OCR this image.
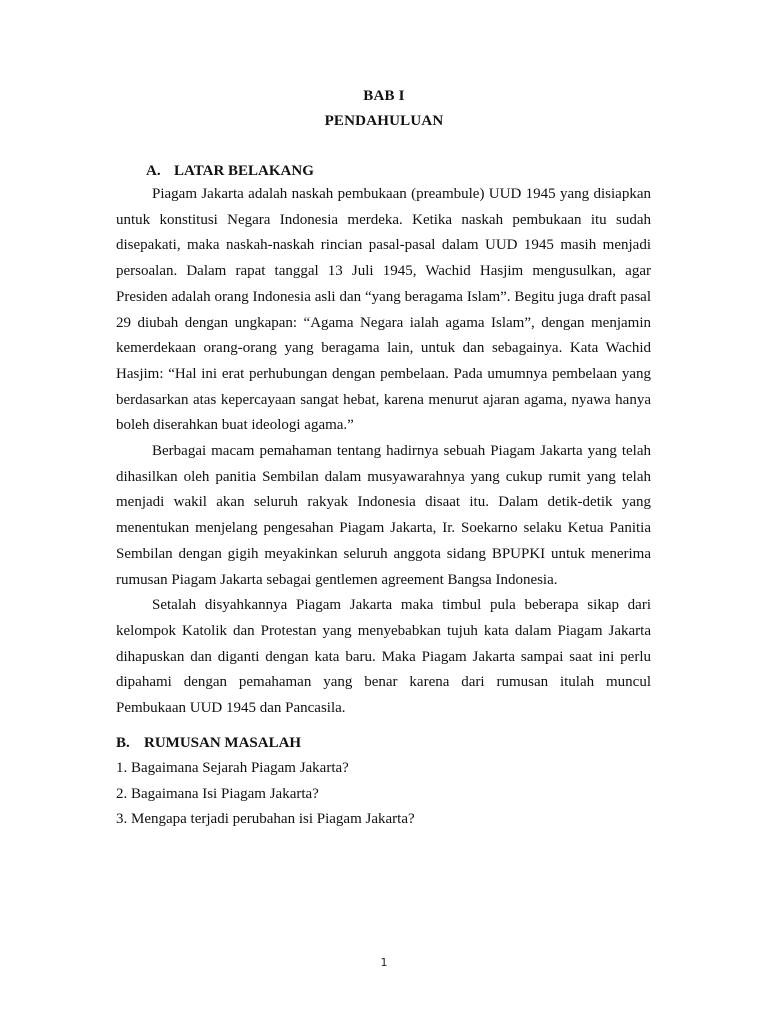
BAB I
PENDAHULUAN
A. LATAR BELAKANG

Piagam Jakarta adalah naskah pembukaan (preambule) UUD 1945 yang disiapkan untuk konstitusi Negara Indonesia merdeka. Ketika naskah pembukaan itu sudah disepakati, maka naskah-naskah rincian pasal-pasal dalam UUD 1945 masih menjadi persoalan. Dalam rapat tanggal 13 Juli 1945, Wachid Hasjim mengusulkan, agar Presiden adalah orang Indonesia asli dan “yang beragama Islam”. Begitu juga draft pasal 29 diubah dengan ungkapan: “Agama Negara ialah agama Islam”, dengan menjamin kemerdekaan orang-orang yang beragama lain, untuk dan sebagainya. Kata Wachid Hasjim: “Hal ini erat perhubungan dengan pembelaan. Pada umumnya pembelaan yang berdasarkan atas kepercayaan sangat hebat, karena menurut ajaran agama, nyawa hanya boleh diserahkan buat ideologi agama.”

Berbagai macam pemahaman tentang hadirnya sebuah Piagam Jakarta yang telah dihasilkan oleh panitia Sembilan dalam musyawarahnya yang cukup rumit yang telah menjadi wakil akan seluruh rakyak Indonesia disaat itu. Dalam detik-detik yang menentukan menjelang pengesahan Piagam Jakarta, Ir. Soekarno selaku Ketua Panitia Sembilan dengan gigih meyakinkan seluruh anggota sidang BPUPKI untuk menerima rumusan Piagam Jakarta sebagai gentlemen agreement Bangsa Indonesia.

Setalah disyahkannya Piagam Jakarta maka timbul pula beberapa sikap dari kelompok Katolik dan Protestan yang menyebabkan tujuh kata dalam Piagam Jakarta dihapuskan dan diganti dengan kata baru. Maka Piagam Jakarta sampai saat ini perlu dipahami dengan pemahaman yang benar karena dari rumusan itulah muncul Pembukaan UUD 1945 dan Pancasila.

B. RUMUSAN MASALAH
1. Bagaimana Sejarah Piagam Jakarta?
2. Bagaimana Isi Piagam Jakarta?
3. Mengapa terjadi perubahan isi Piagam Jakarta?
1
